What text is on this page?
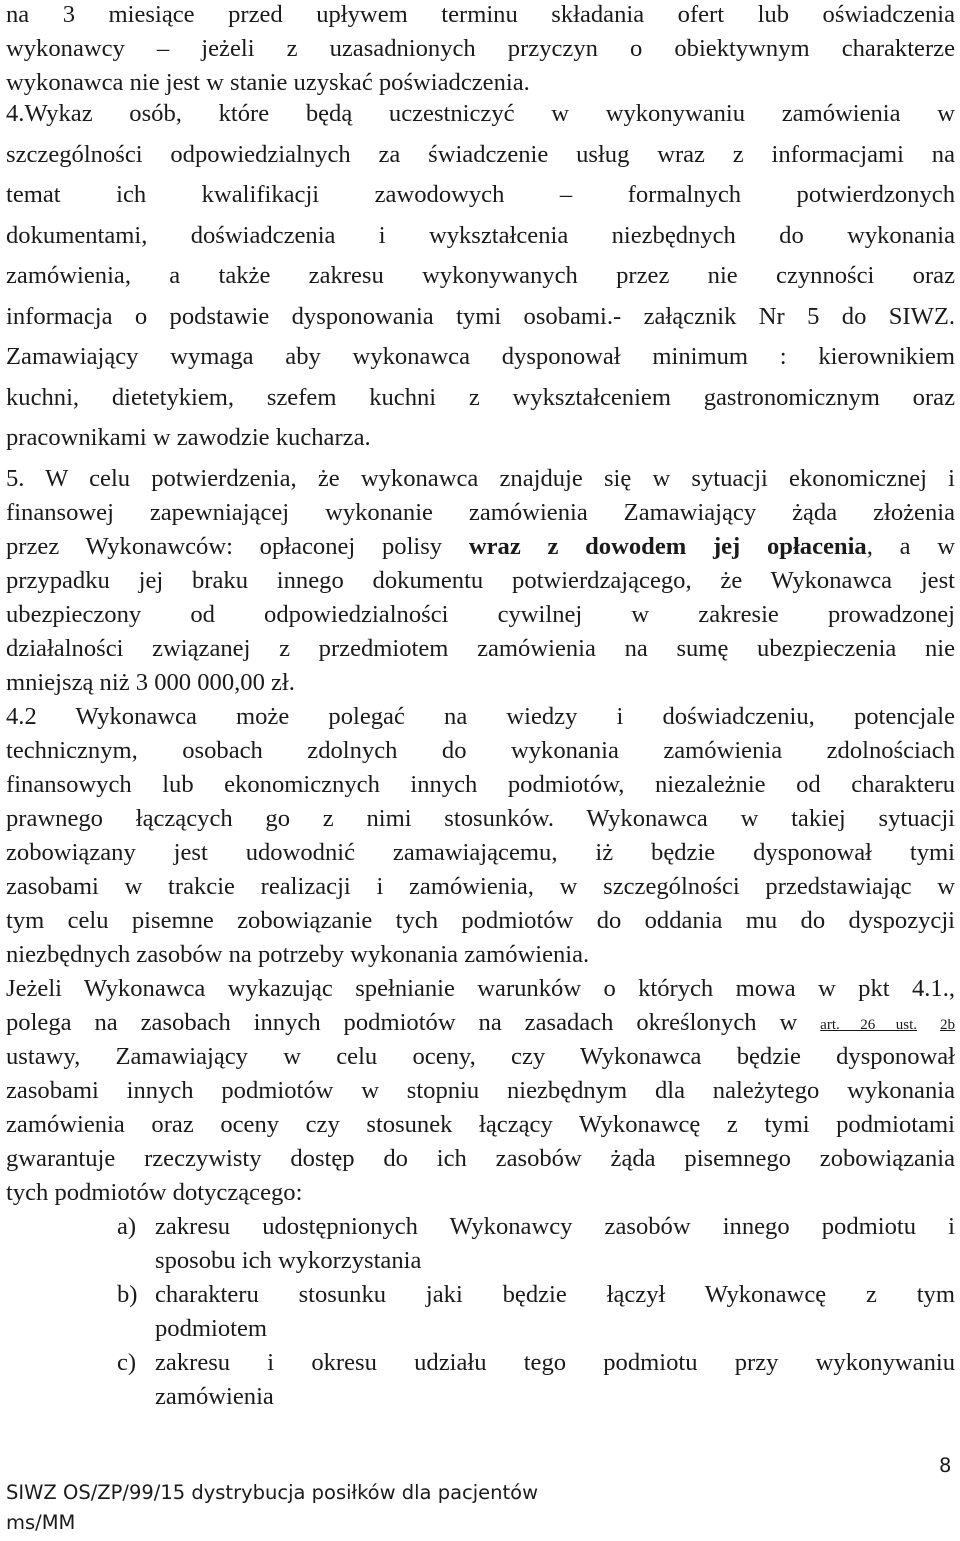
na 3 miesiące przed upływem terminu składania ofert lub oświadczenia
wykonawcy – jeżeli z uzasadnionych przyczyn o obiektywnym charakterze
wykonawca nie jest w stanie uzyskać poświadczenia.
4.Wykaz osób, które będą uczestniczyć w wykonywaniu zamówienia w
szczególności odpowiedzialnych za świadczenie usług wraz z informacjami na
temat ich kwalifikacji zawodowych – formalnych potwierdzonych
dokumentami, doświadczenia i wykształcenia niezbędnych do wykonania
zamówienia, a także zakresu wykonywanych przez nie czynności oraz
informacja o podstawie dysponowania tymi osobami.- załącznik Nr 5 do SIWZ.
Zamawiający wymaga aby wykonawca dysponował minimum : kierownikiem
kuchni, dietetykiem, szefem kuchni z wykształceniem gastronomicznym oraz
pracownikami w zawodzie kucharza.
5. W celu potwierdzenia, że wykonawca znajduje się w sytuacji ekonomicznej i
finansowej zapewniającej wykonanie zamówienia Zamawiający żąda złożenia
przez Wykonawców: opłaconej polisy wraz z dowodem jej opłacenia, a w
przypadku jej braku innego dokumentu potwierdzającego, że Wykonawca jest
ubezpieczony od odpowiedzialności cywilnej w zakresie prowadzonej
działalności związanej z przedmiotem zamówienia na sumę ubezpieczenia nie
mniejszą niż 3 000 000,00 zł.
4.2 Wykonawca może polegać na wiedzy i doświadczeniu, potencjale
technicznym, osobach zdolnych do wykonania zamówienia zdolnościach
finansowych lub ekonomicznych innych podmiotów, niezależnie od charakteru
prawnego łączących go z nimi stosunków. Wykonawca w takiej sytuacji
zobowiązany jest udowodnić zamawiającemu, iż będzie dysponował tymi
zasobami w trakcie realizacji i zamówienia, w szczególności przedstawiając w
tym celu pisemne zobowiązanie tych podmiotów do oddania mu do dyspozycji
niezbędnych zasobów na potrzeby wykonania zamówienia.
Jeżeli Wykonawca wykazując spełnianie warunków o których mowa w pkt 4.1.,
polega na zasobach innych podmiotów na zasadach określonych w art. 26 ust. 2b
ustawy, Zamawiający w celu oceny, czy Wykonawca będzie dysponował
zasobami innych podmiotów w stopniu niezbędnym dla należytego wykonania
zamówienia oraz oceny czy stosunek łączący Wykonawcę z tymi podmiotami
gwarantuje rzeczywisty dostęp do ich zasobów żąda pisemnego zobowiązania
tych podmiotów dotyczącego:
a) zakresu udostępnionych Wykonawcy zasobów innego podmiotu i
sposobu ich wykorzystania
b) charakteru stosunku jaki będzie łączył Wykonawcę z tym
podmiotem
c) zakresu i okresu udziału tego podmiotu przy wykonywaniu
zamówienia
8
SIWZ OS/ZP/99/15 dystrybucja posiłków dla pacjentów
ms/MM
